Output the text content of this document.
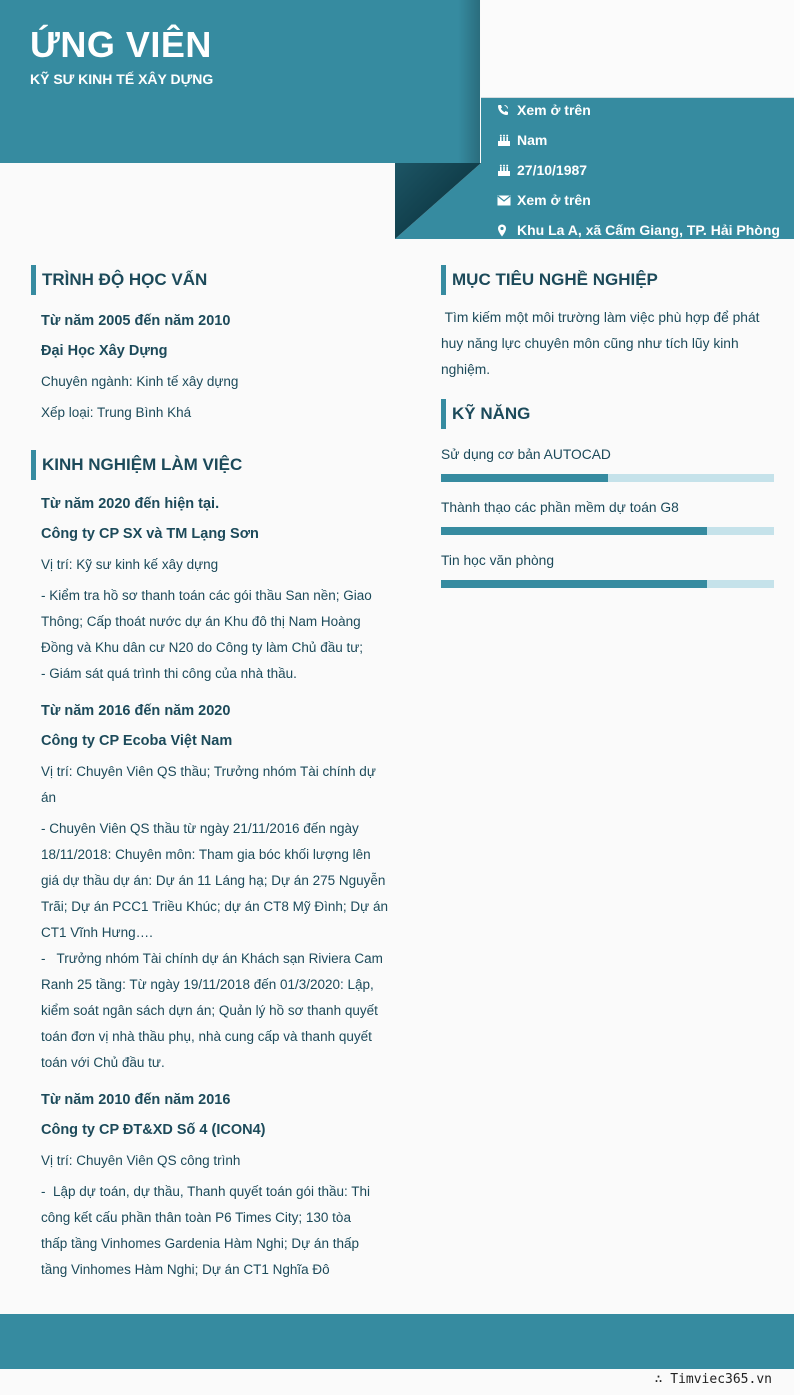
ỨNG VIÊN
KỸ SƯ KINH TẾ XÂY DỰNG
Xem ở trên
Nam
27/10/1987
Xem ở trên
Khu La A, xã Cấm Giang, TP. Hải Phòng
TRÌNH ĐỘ HỌC VẤN
Từ năm 2005 đến năm 2010
Đại Học Xây Dựng
Chuyên ngành: Kinh tế xây dựng
Xếp loại: Trung Bình Khá
KINH NGHIỆM LÀM VIỆC
Từ năm 2020 đến hiện tại.
Công ty CP SX và TM Lạng Sơn
Vị trí: Kỹ sư kinh kế xây dựng
- Kiểm tra hồ sơ thanh toán các gói thầu San nền; Giao
Thông; Cấp thoát nước dự án Khu đô thị Nam Hoàng
Đồng và Khu dân cư N20 do Công ty làm Chủ đầu tư;
- Giám sát quá trình thi công của nhà thầu.
Từ năm 2016 đến năm 2020
Công ty CP Ecoba Việt Nam
Vị trí: Chuyên Viên QS thầu; Trưởng nhóm Tài chính dự
án
- Chuyên Viên QS thầu từ ngày 21/11/2016 đến ngày
18/11/2018: Chuyên môn: Tham gia bóc khối lượng lên
giá dự thầu dự án: Dự án 11 Láng hạ; Dự án 275 Nguyễn
Trãi; Dự án PCC1 Triều Khúc; dự án CT8 Mỹ Đình; Dự án
CT1 Vĩnh Hưng….
-   Trưởng nhóm Tài chính dự án Khách sạn Riviera Cam
Ranh 25 tầng: Từ ngày 19/11/2018 đến 01/3/2020: Lập,
kiểm soát ngân sách dựn án; Quản lý hồ sơ thanh quyết
toán đơn vị nhà thầu phụ, nhà cung cấp và thanh quyết
toán với Chủ đầu tư.
Từ năm 2010 đến năm 2016
Công ty CP ĐT&XD Số 4 (ICON4)
Vị trí: Chuyên Viên QS công trình
-  Lập dự toán, dự thầu, Thanh quyết toán gói thầu: Thi
công kết cấu phần thân toàn P6 Times City; 130 tòa
thấp tầng Vinhomes Gardenia Hàm Nghi; Dự án thấp
tầng Vinhomes Hàm Nghi; Dự án CT1 Nghĩa Đô
MỤC TIÊU NGHỀ NGHIỆP
Tìm kiếm một môi trường làm việc phù hợp để phát
huy năng lực chuyên môn cũng như tích lũy kinh
nghiệm.
KỸ NĂNG
Sử dụng cơ bản AUTOCAD
Thành thạo các phần mềm dự toán G8
Tin học văn phòng
∴ Timviec365.vn
